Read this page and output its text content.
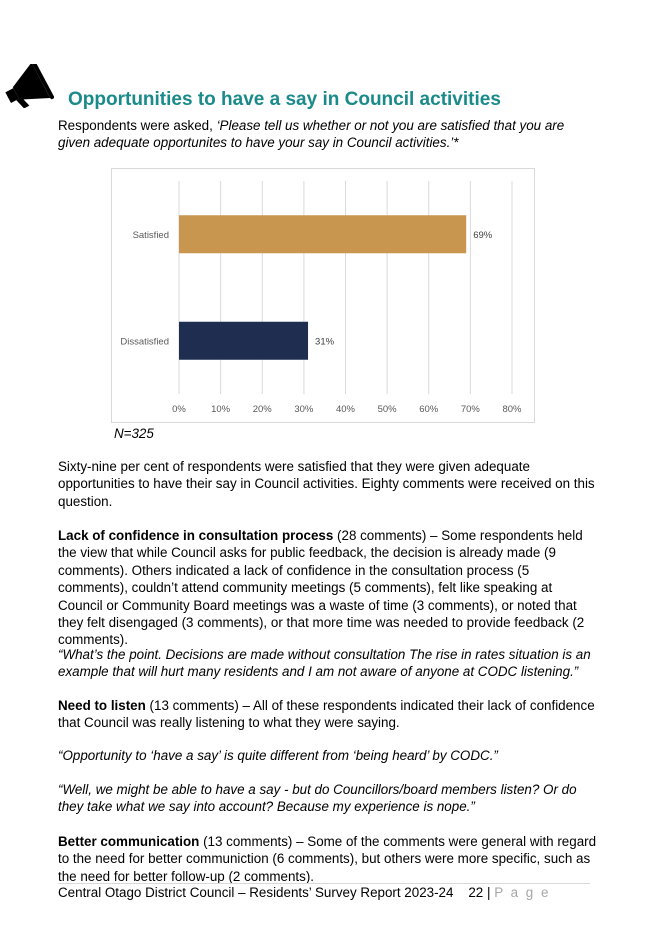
Opportunities to have a say in Council activities

Respondents were asked, ‘Please tell us whether or not you are satisfied that you are given adequate opportunites to have your say in Council activities.’*

0%	10% 20% 30% 40% 50% 60% 70% 80%
Satisfied	69%
Dissatisfied	31%
N=325

Sixty-nine per cent of respondents were satisfied that they were given adequate opportunities to have their say in Council activities. Eighty comments were received on this question.

Lack of confidence in consultation process (28 comments) – Some respondents held the view that while Council asks for public feedback, the decision is already made (9 comments). Others indicated a lack of confidence in the consultation process (5 comments), couldn’t attend community meetings (5 comments), felt like speaking at Council or Community Board meetings was a waste of time (3 comments), or noted that they felt disengaged (3 comments), or that more time was needed to provide feedback (2 comments).

“What’s the point. Decisions are made without consultation The rise in rates situation is an example that will hurt many residents and I am not aware of anyone at CODC listening.”

Need to listen (13 comments) – All of these respondents indicated their lack of confidence that Council was really listening to what they were saying.

“Opportunity to ‘have a say’ is quite different from ‘being heard’ by CODC.”

“Well, we might be able to have a say - but do Councillors/board members listen? Or do they take what we say into account? Because my experience is nope.”

Better communication (13 comments) – Some of the comments were general with regard to the need for better communiction (6 comments), but others were more specific, such as the need for better follow-up (2 comments).

Central Otago District Council – Residents’ Survey Report 2023-24 22 | P a g e
